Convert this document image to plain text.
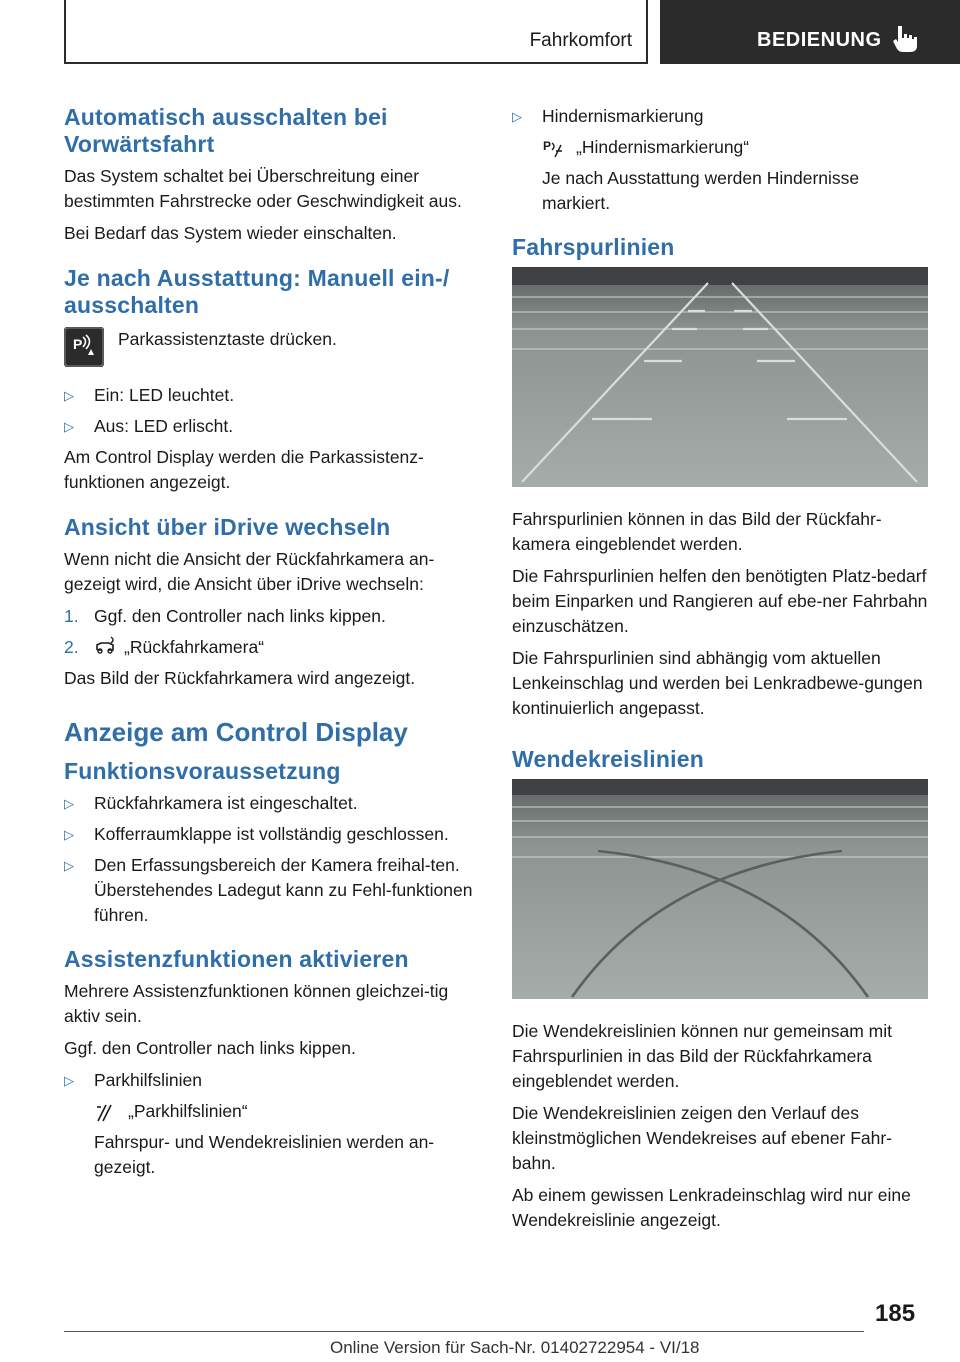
Fahrkomfort	BEDIENUNG
Automatisch ausschalten bei Vorwärtsfahrt

Das System schaltet bei Überschreitung einer bestimmten Fahrstrecke oder Geschwindigkeit aus.

Bei Bedarf das System wieder einschalten.

Je nach Ausstattung: Manuell ein-/ ausschalten
P Parkassistenztaste drücken.
▷	Ein: LED leuchtet.
▷	Aus: LED erlischt.

Am Control Display werden die Parkassistenz-funktionen angezeigt.

Ansicht über iDrive wechseln

Wenn nicht die Ansicht der Rückfahrkamera an-gezeigt wird, die Ansicht über iDrive wechseln:

1. Ggf. den Controller nach links kippen.
2.	„Rückfahrkamera“

Das Bild der Rückfahrkamera wird angezeigt.

Anzeige am Control Display
Funktionsvoraussetzung
▷	Rückfahrkamera ist eingeschaltet.
▷	Kofferraumklappe ist vollständig geschlossen.
▷	Den Erfassungsbereich der Kamera freihal-ten. Überstehendes Ladegut kann zu Fehl-funktionen führen.
Assistenzfunktionen aktivieren

Mehrere Assistenzfunktionen können gleichzei-tig aktiv sein.

Ggf. den Controller nach links kippen.

▷	Parkhilfslinien
„Parkhilfslinien“
Fahrspur- und Wendekreislinien werden an-gezeigt.
▷	Hindernismarkierung
P „Hindernismarkierung“
Je nach Ausstattung werden Hindernisse markiert.
Fahrspurlinien

Fahrspurlinien können in das Bild der Rückfahr-kamera eingeblendet werden.

Die Fahrspurlinien helfen den benötigten Platz-bedarf beim Einparken und Rangieren auf ebe-ner Fahrbahn einzuschätzen.

Die Fahrspurlinien sind abhängig vom aktuellen Lenkeinschlag und werden bei Lenkradbewe-gungen kontinuierlich angepasst.

Wendekreislinien

Die Wendekreislinien können nur gemeinsam mit Fahrspurlinien in das Bild der Rückfahrkamera eingeblendet werden.

Die Wendekreislinien zeigen den Verlauf des kleinstmöglichen Wendekreises auf ebener Fahr-bahn.

Ab einem gewissen Lenkradeinschlag wird nur eine Wendekreislinie angezeigt.

185
Online Version für Sach-Nr. 01402722954 - VI/18
